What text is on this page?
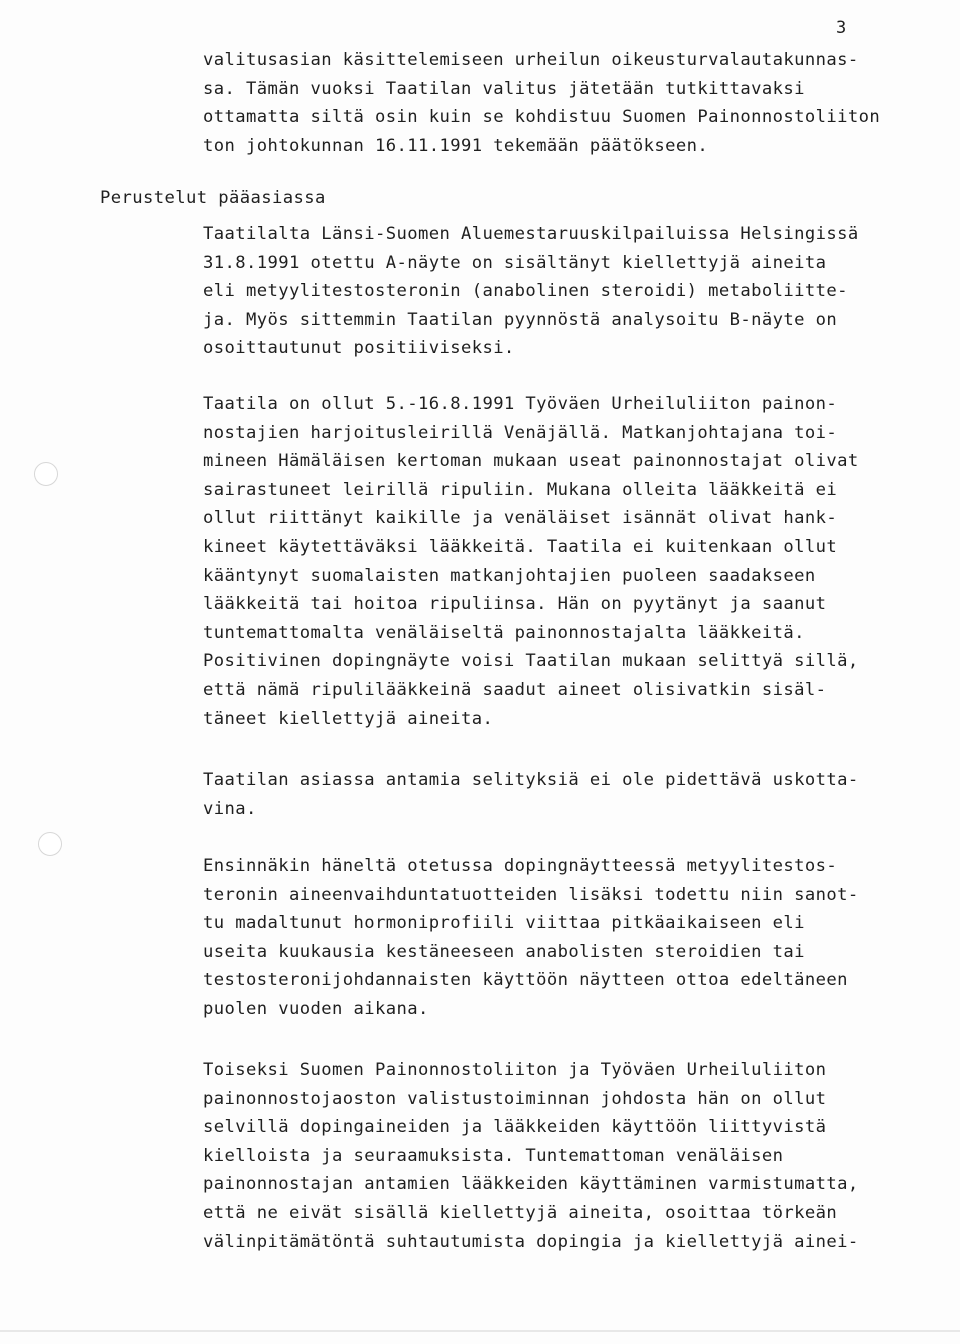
3
valitusasian käsittelemiseen urheilun oikeusturvalautakunnas-
sa. Tämän vuoksi Taatilan valitus jätetään tutkittavaksi
ottamatta siltä osin kuin se kohdistuu Suomen Painonnostoliiton
ton johtokunnan 16.11.1991 tekemään päätökseen.
Perustelut pääasiassa
Taatilalta Länsi-Suomen Aluemestaruuskilpailuissa Helsingissä
31.8.1991 otettu A-näyte on sisältänyt kiellettyjä aineita
eli metyylitestosteronin (anabolinen steroidi) metaboliitte-
ja. Myös sittemmin Taatilan pyynnöstä analysoitu B-näyte on
osoittautunut positiiviseksi.
Taatila on ollut 5.-16.8.1991 Työväen Urheiluliiton painon-
nostajien harjoitusleirillä Venäjällä. Matkanjohtajana toi-
mineen Hämäläisen kertoman mukaan useat painonnostajat olivat
sairastuneet leirillä ripuliin. Mukana olleita lääkkeitä ei
ollut riittänyt kaikille ja venäläiset isännät olivat hank-
kineet käytettäväksi lääkkeitä. Taatila ei kuitenkaan ollut
kääntynyt suomalaisten matkanjohtajien puoleen saadakseen
lääkkeitä tai hoitoa ripuliinsa. Hän on pyytänyt ja saanut
tuntemattomalta venäläiseltä painonnostajalta lääkkeitä.
Positivinen dopingnäyte voisi Taatilan mukaan selittyä sillä,
että nämä ripulilääkkeinä saadut aineet olisivatkin sisäl-
täneet kiellettyjä aineita.
Taatilan asiassa antamia selityksiä ei ole pidettävä uskotta-
vina.
Ensinnäkin häneltä otetussa dopingnäytteessä metyylitestos-
teronin aineenvaihduntatuotteiden lisäksi todettu niin sanot-
tu madaltunut hormoniprofiili viittaa pitkäaikaiseen eli
useita kuukausia kestäneeseen anabolisten steroidien tai
testosteronijohdannaisten käyttöön näytteen ottoa edeltäneen
puolen vuoden aikana.
Toiseksi Suomen Painonnostoliiton ja Työväen Urheiluliiton
painonnostojaoston valistustoiminnan johdosta hän on ollut
selvillä dopingaineiden ja lääkkeiden käyttöön liittyvistä
kielloista ja seuraamuksista. Tuntemattoman venäläisen
painonnostajan antamien lääkkeiden käyttäminen varmistumatta,
että ne eivät sisällä kiellettyjä aineita, osoittaa törkeän
välinpitämätöntä suhtautumista dopingia ja kiellettyjä ainei-
